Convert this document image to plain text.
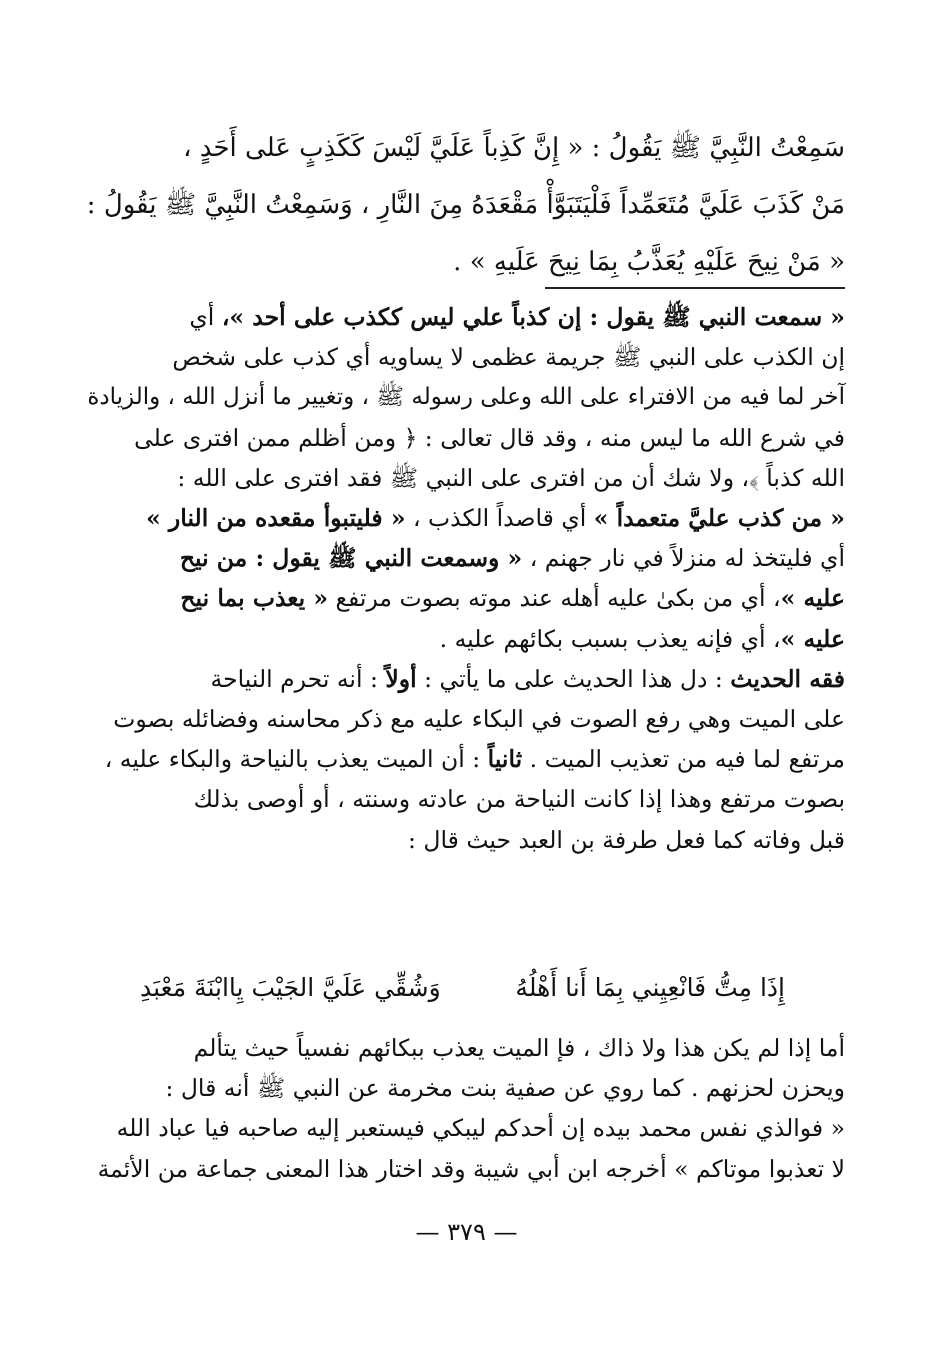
سَمِعْتُ النَّبِيَّ ﷺ يَقُولُ : « إِنَّ كَذِباً عَلَيَّ لَيْسَ كَكَذِبٍ عَلى أَحَدٍ ،
مَنْ كَذَبَ عَلَيَّ مُتَعَمِّداً فَلْيَتَبَوَّأْ مَقْعَدَهُ مِنَ النَّارِ ، وَسَمِعْتُ النَّبِيَّ ﷺ يَقُولُ :
« مَنْ نِيحَ عَلَيْهِ يُعَذَّبُ بِمَا نِيحَ عَلَيهِ » .
« سمعت النبي ﷺ يقول : إن كذباً علي ليس ككذب على أحد »، أي
إن الكذب على النبي ﷺ جريمة عظمى لا يساويه أي كذب على شخص
آخر لما فيه من الافتراء على الله وعلى رسوله ﷺ ، وتغيير ما أنزل الله ، والزيادة
في شرع الله ما ليس منه ، وقد قال تعالى : ﴿ ومن أظلم ممن افترى على
الله كذباً ﴾، ولا شك أن من افترى على النبي ﷺ فقد افترى على الله :
« من كذب عليَّ متعمداً » أي قاصداً الكذب ، « فليتبوأ مقعده من النار »
أي فليتخذ له منزلاً في نار جهنم ، « وسمعت النبي ﷺ يقول : من نيح
عليه »، أي من بكىٰ عليه أهله عند موته بصوت مرتفع « يعذب بما نيح
عليه »، أي فإنه يعذب بسبب بكائهم عليه .
فقه الحديث : دل هذا الحديث على ما يأتي : أولاً : أنه تحرم النياحة
على الميت وهي رفع الصوت في البكاء عليه مع ذكر محاسنه وفضائله بصوت
مرتفع لما فيه من تعذيب الميت . ثانياً : أن الميت يعذب بالنياحة والبكاء عليه ،
بصوت مرتفع وهذا إذا كانت النياحة من عادته وسنته ، أو أوصى بذلك
قبل وفاته كما فعل طرفة بن العبد حيث قال :
إِذَا مِتُّ فَانْعِيِني بِمَا أَنا أَهْلُهُ
وَشُقِّي عَلَيَّ الجَيْبَ يِاابْنَةَ مَعْبَدِ
أما إذا لم يكن هذا ولا ذاك ، فإ الميت يعذب ببكائهم نفسياً حيث يتألم
ويحزن لحزنهم . كما روي عن صفية بنت مخرمة عن النبي ﷺ أنه قال :
« فوالذي نفس محمد بيده إن أحدكم ليبكي فيستعبر إليه صاحبه فيا عباد الله
لا تعذبوا موتاكم » أخرجه ابن أبي شيبة وقد اختار هذا المعنى جماعة من الأئمة
— ٣٧٩ —
